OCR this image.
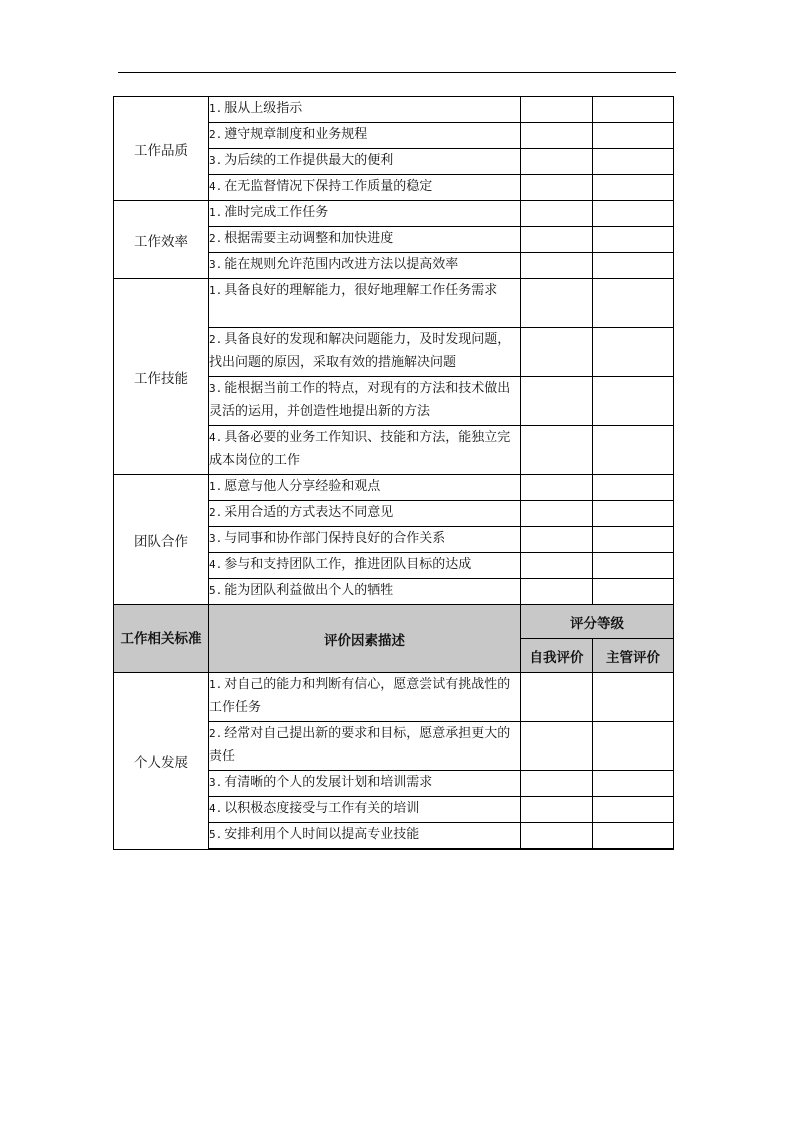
工作品质	1. 服从上级指示		
	2. 遵守规章制度和业务规程		
	3. 为后续的工作提供最大的便利		
	4. 在无监督情况下保持工作质量的稳定		
工作效率	1. 准时完成工作任务		
	2. 根据需要主动调整和加快进度		
	3. 能在规则允许范围内改进方法以提高效率		
工作技能	1. 具备良好的理解能力，很好地理解工作任务需求		
	2. 具备良好的发现和解决问题能力，及时发现问题，找出问题的原因，采取有效的措施解决问题		
	3. 能根据当前工作的特点，对现有的方法和技术做出灵活的运用，并创造性地提出新的方法		
	4. 具备必要的业务工作知识、技能和方法，能独立完成本岗位的工作		
团队合作	1. 愿意与他人分享经验和观点		
	2. 采用合适的方式表达不同意见		
	3. 与同事和协作部门保持良好的合作关系		
	4. 参与和支持团队工作，推进团队目标的达成		
	5. 能为团队利益做出个人的牺牲		
工作相关标准	评价因素描述	评分等级	
		自我评价	主管评价
个人发展	1. 对自己的能力和判断有信心，愿意尝试有挑战性的工作任务		
	2. 经常对自己提出新的要求和目标，愿意承担更大的责任		
	3. 有清晰的个人的发展计划和培训需求		
	4. 以积极态度接受与工作有关的培训		
	5. 安排利用个人时间以提高专业技能		
